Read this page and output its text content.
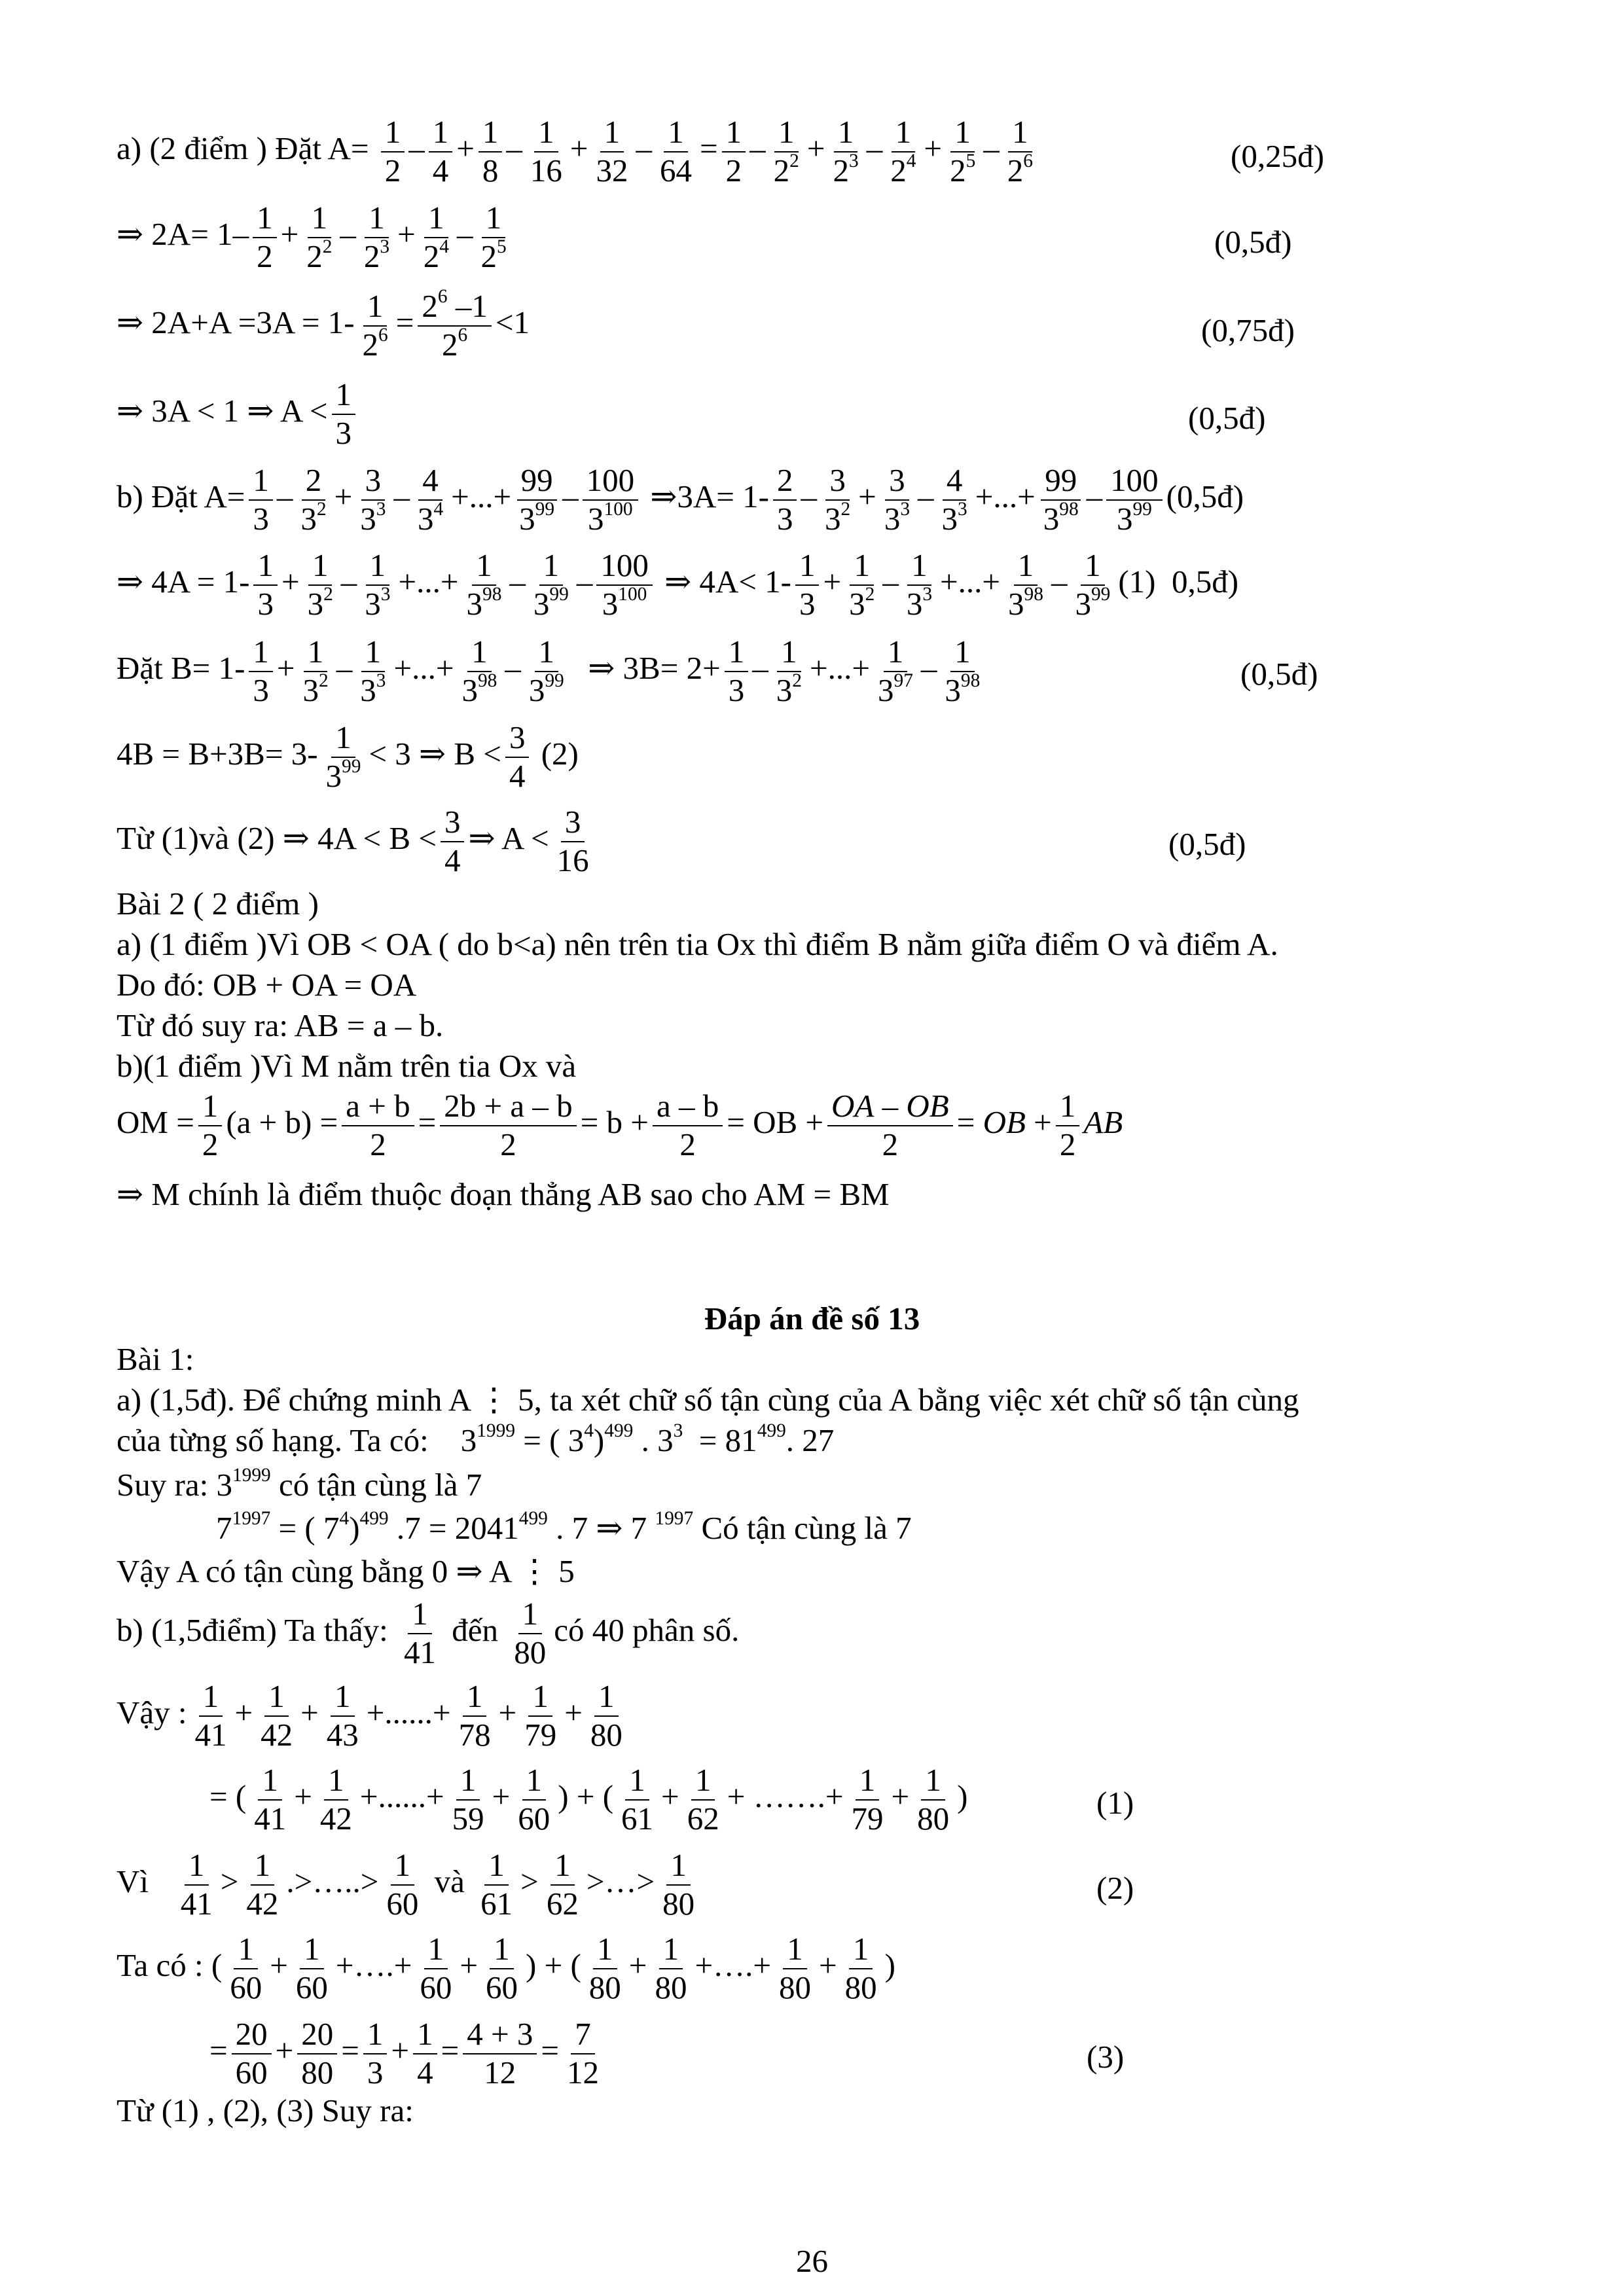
a) (2 điểm ) Đặt $A= \frac{1}{2} - \frac{1}{4} + \frac{1}{8} - \frac{1}{16} + \frac{1}{32} - \frac{1}{64} = \frac{1}{2} - \frac{1}{2^2} + \frac{1}{2^3} - \frac{1}{2^4} + \frac{1}{2^5} - \frac{1}{2^6}$	(0,25đ)
⇒ $2A= 1- \frac{1}{2} + \frac{1}{2^2} - \frac{1}{2^3} + \frac{1}{2^4} - \frac{1}{2^5}$	(0,5đ)
⇒ $2A+A =3A = 1- \frac{1}{2^6} = \frac{2^6 -1}{2^6} <1$	(0,75đ)
⇒ 3A < 1 ⇒ $A < \frac{1}{3}$	(0,5đ)
b) Đặt $A= \frac{1}{3} - \frac{2}{3^2} + \frac{3}{3^3} - \frac{4}{3^4}$ +...+ $\frac{99}{3^{99}} - \frac{100}{3^{100}}$ ⇒3A= $1- \frac{2}{3} - \frac{3}{3^2} + \frac{3}{3^3} - \frac{4}{3^3}$ +...+ $\frac{99}{3^{98}} - \frac{100}{3^{99}}$ (0,5đ)
⇒ $4A = 1- \frac{1}{3} + \frac{1}{3^2} - \frac{1}{3^3}$ +...+ $\frac{1}{3^{98}} - \frac{1}{3^{99}} - \frac{100}{3^{100}}$ ⇒ $4A< 1- \frac{1}{3} + \frac{1}{3^2} - \frac{1}{3^3}$ +...+ $\frac{1}{3^{98}} - \frac{1}{3^{99}} (1)$ 0,5đ)
Đặt $B= 1- \frac{1}{3} + \frac{1}{3^2} - \frac{1}{3^3}$ +...+ $\frac{1}{3^{98}} - \frac{1}{3^{99}}$ ⇒ $3B= 2+ \frac{1}{3} - \frac{1}{3^2}$ +...+ $\frac{1}{3^{97}} - \frac{1}{3^{98}}$	(0,5đ)
$4B = B+3B= 3- \frac{1}{3^{99}} < 3$ ⇒ $B < \frac{3}{4} (2)$
Từ (1)và (2) ⇒ $4A < B < \frac{3}{4}$ ⇒ $A < \frac{3}{16}$	(0,5đ)
Bài 2 ( 2 điểm )
a) (1 điểm )Vì OB < OA ( do b<a) nên trên tia Ox thì điểm B nằm giữa điểm O và điểm A.
Do đó: OB + OA = OA
Từ đó suy ra: AB = a – b.
b)(1 điểm )Vì M nằm trên tia Ox và
OM = $\frac{1}{2} (a + b) = \frac{a + b}{2} = \frac{2b + a - b}{2} = b + \frac{a - b}{2}$ = OB + $\frac{OA - OB}{2}$ = OB + $\frac{1}{2}$ AB
⇒ M chính là điểm thuộc đoạn thẳng AB sao cho AM = BM
Đáp án đề số 13
Bài 1:
a) (1,5đ). Để chứng minh A ⋮ 5, ta xét chữ số tận cùng của A bằng việc xét chữ số tận cùng
của từng số hạng. Ta có:    $3^{1999}$ = ( $3^4)^{499}$ . $3^3 = 81^{499}$. 27
Suy ra: $3^{1999}$ có tận cùng là 7
$7^{1997}$ = ( $7^4)^{499}$ $.7 = 2041^{499}$ . 7 ⇒ 7 $^{1997}$ Có tận cùng là 7
Vậy A có tận cùng bằng 0 ⇒ A ⋮ 5
b) (1,5điểm) Ta thấy: $\frac{1}{41}$ đến $\frac{1}{80}$ có 40 phân số.
Vậy : $\frac{1}{41} + \frac{1}{42} + \frac{1}{43}$ +......+ $\frac{1}{78} + \frac{1}{79} + \frac{1}{80}$
= ( $\frac{1}{41} + \frac{1}{42}$ +......+ $\frac{1}{59} + \frac{1}{60}$ ) + ( $\frac{1}{61} + \frac{1}{62}$ + …….+ $\frac{1}{79} + \frac{1}{80}$ )	(1)
Vì $\frac{1}{41} > \frac{1}{42}$ .>…..> $\frac{1}{60}$ và $\frac{1}{61} > \frac{1}{62}$ >…> $\frac{1}{80}$	(2)
Ta có : ( $\frac{1}{60} + \frac{1}{60}$ +….+ $\frac{1}{60} + \frac{1}{60}$ ) + ( $\frac{1}{80} + \frac{1}{80}$ +….+ $\frac{1}{80} + \frac{1}{80}$ )
= $\frac{20}{60} + \frac{20}{80} = \frac{1}{3} + \frac{1}{4} = \frac{4 + 3}{12} = \frac{7}{12}$	(3)
Từ (1) , (2), (3) Suy ra:
26
